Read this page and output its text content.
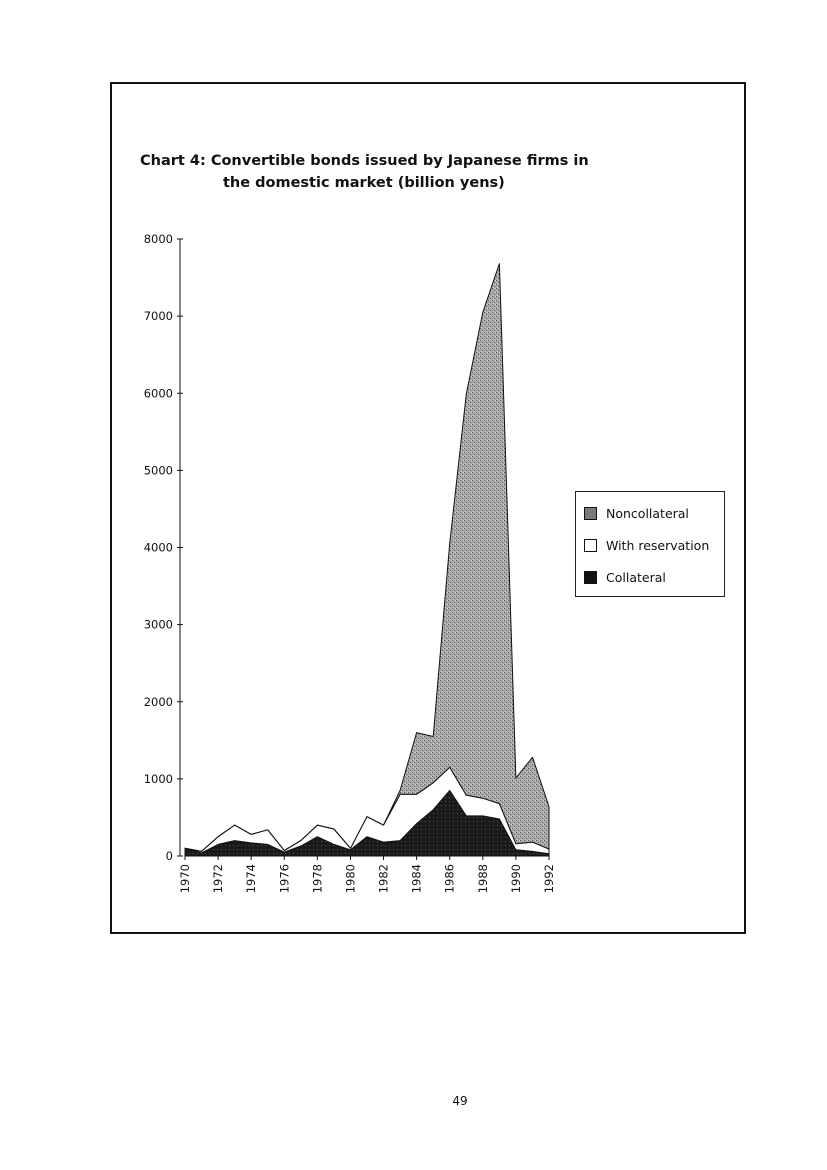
Chart 4: Convertible bonds issued by Japanese firms in
the domestic market (billion yens)
0
1000
2000
3000
4000
5000
6000
7000
8000
1970 1972 1974 1976 1978 1980 1982 1984 1986 1988 1990 1992
Noncollateral
With reservation
Collateral
49
